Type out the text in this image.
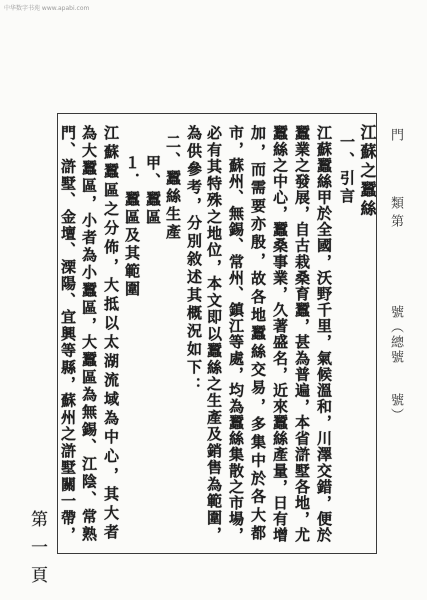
中华数字书苑 www.apabi.com
門
類
第
號（總號
號）
江蘇之蠶絲
一、引言
江蘇蠶絲甲於全國，沃野千里，氣候溫和，川澤交錯，便於
蠶業之發展，自古栽桑育蠶，甚為普遍，本省滸墅各地，尤
蠶絲之中心，蠶桑事業，久著盛名，近來蠶絲產量，日有增
加，而需要亦殷，故各地蠶絲交易，多集中於各大都
市，蘇州、無錫、常州、鎮江等處，均為蠶絲集散之市場，
必有其特殊之地位，本文即以蠶絲之生產及銷售為範圍，
為供參考，分別敘述其概況如下：
二、蠶絲生產
甲、蠶區
１．蠶區及其範圍
江蘇蠶區之分佈，大抵以太湖流域為中心，其大者
為大蠶區，小者為小蠶區，大蠶區為無錫、江陰、常熟
門、滸墅、金壇、溧陽、宜興等縣，蘇州之滸墅關一帶，
第
一
頁
